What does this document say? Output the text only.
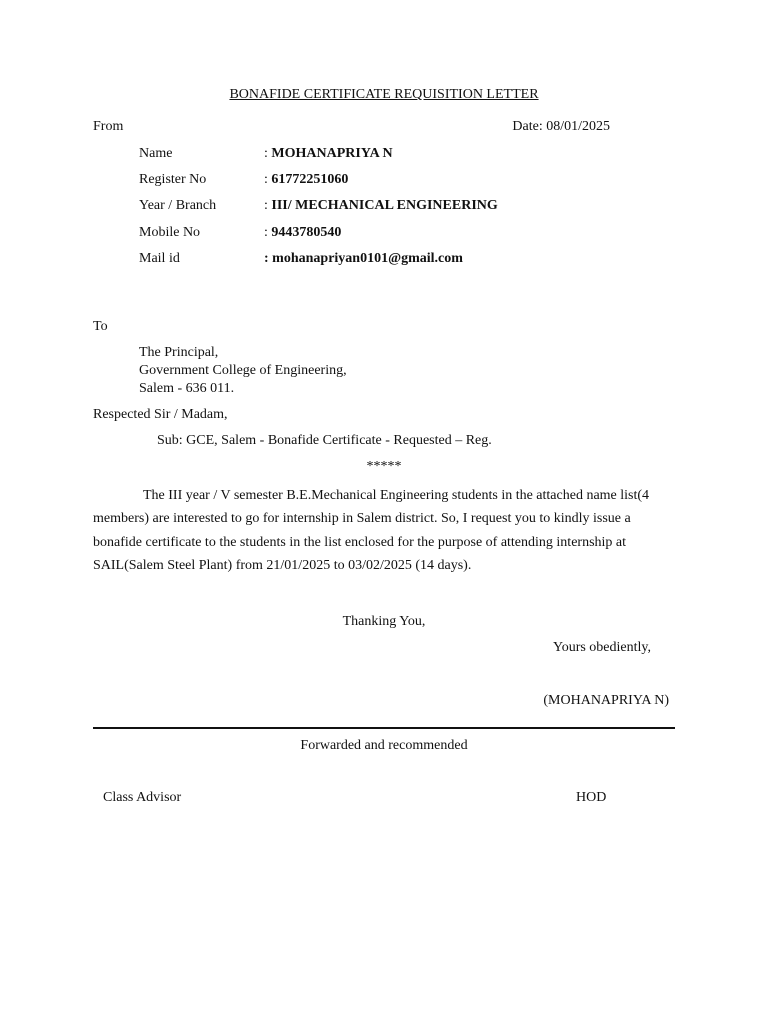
BONAFIDE CERTIFICATE REQUISITION LETTER
From	Date: 08/01/2025
Name	: MOHANAPRIYA N
Register No	: 61772251060
Year / Branch	: III/ MECHANICAL ENGINEERING
Mobile No	: 9443780540
Mail id	: mohanapriyan0101@gmail.com
To
The Principal,
Government College of Engineering,
Salem - 636 011.
Respected Sir / Madam,
Sub: GCE, Salem - Bonafide Certificate - Requested – Reg.
*****
The III year / V semester B.E.Mechanical Engineering students in the attached name list(4 members) are interested to go for internship in Salem district. So, I request you to kindly issue a bonafide certificate to the students in the list enclosed for the purpose of attending internship at SAIL(Salem Steel Plant) from 21/01/2025 to 03/02/2025 (14 days).
Thanking You,
Yours obediently,
(MOHANAPRIYA N)
Forwarded and recommended
Class Advisor	HOD
